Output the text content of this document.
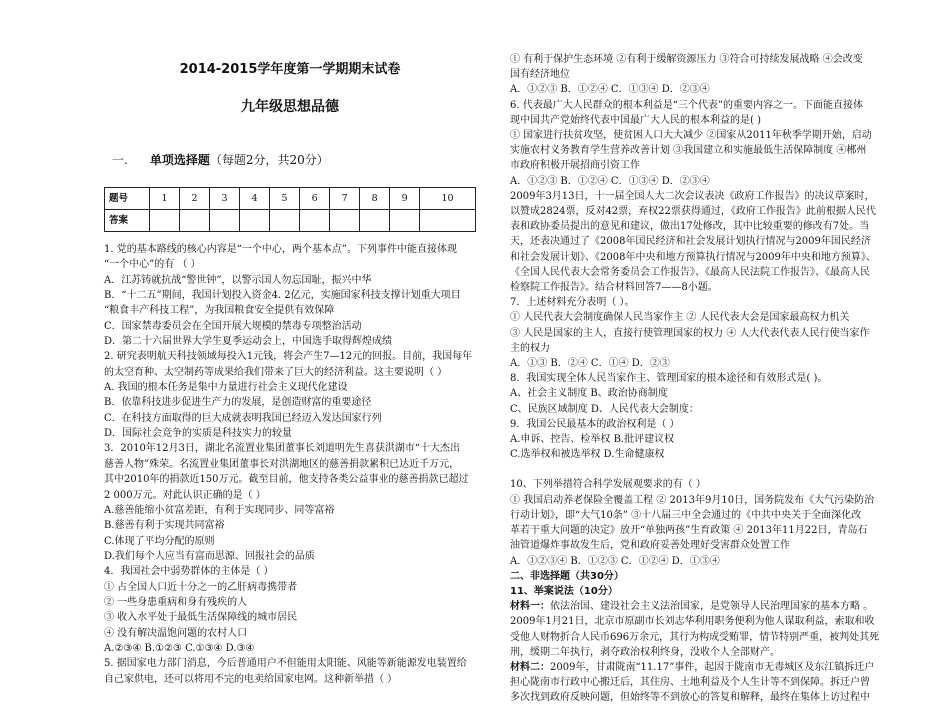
2014-2015学年度第一学期期末试卷
九年级思想品德
一. 单项选择题（每题2分，共20分）
题号	1	2	3	4	5	6	7	8	9	10
答案										

1. 党的基本路线的核心内容是“一个中心，两个基本点”。下列事件中能直接体现

“一个中心”的有 （ ）

A．江苏铸就抗战“警世钟”，以警示国人勿忘国耻，振兴中华

B．“十二五”期间，我国计划投入资金4. 2亿元，实施国家科技支撑计划重大项目

“粮食丰产科技工程”，为我国粮食安全提供有效保障

C．国家禁毒委员会在全国开展大规模的禁毒专项整治活动

D．第二十六届世界大学生夏季运动会上，中国选手取得辉煌成绩

2. 研究表明航天科技领域每投入1元钱，将会产生7—12元的回报。目前，我国每年

的太空育种、太空制药等成果给我们带来了巨大的经济利益。这主要说明（ ）

A. 我国的根本任务是集中力量进行社会主义现代化建设

B．依靠科技进步促进生产力的发展，是创造财富的重要途径

C．在科技方面取得的巨大成就表明我国已经迈入发达国家行列

D．国际社会竞争的实质是科技实力的较量

3．2010年12月3日，湖北名流置业集团董事长刘道明先生喜获洪湖市“十大杰出

慈善人物”殊荣。名流置业集团董事长对洪湖地区的慈善捐款累积已达近千万元，

其中2010年的捐款近150万元。截至目前，他支持各类公益事业的慈善捐款已超过

2 000万元。对此认识正确的是（ ）

A.慈善能缩小贫富差距，有利于实现同步、同等富裕

B.慈善有利于实现共同富裕

C.体现了平均分配的原则

D.我们每个人应当有富而思源、回报社会的品质

4．我国社会中弱势群体的主体是（ ）

① 占全国人口近十分之一的乙肝病毒携带者

② 一些身患重病和身有残疾的人

③ 收入水平处于最低生活保障线的城市居民

④ 没有解决温饱问题的农村人口

A.②③④ B.①②③ C.①③④ D.③④

5. 据国家电力部门消息，今后普通用户不但能用太阳能、风能等新能源发电装置给

自己家供电，还可以将用不完的电卖给国家电网。这种新举措（ ）

① 有利于保护生态环境 ②有利于缓解资源压力 ③符合可持续发展战略 ④会改变

国有经济地位

A．①②③ B．①②④ C．①③④ D．②③④

6. 代表最广大人民群众的根本利益是“三个代表”的重要内容之一。下面能直接体

现中国共产党始终代表中国最广大人民的根本利益的是( )

① 国家进行扶贫攻坚，使贫困人口大大减少 ②国家从2011年秋季学期开始，启动

实施农村义务教育学生营养改善计划 ③我国建立和实施最低生活保障制度 ④郴州

市政府积极开展招商引资工作

A．①②③ B．①②④ C．①③④ D．②③④

2009年3月13日，十一届全国人大二次会议表决《政府工作报告》的决议草案时，

以赞成2824票，反对42票，弃权22票获得通过，《政府工作报告》此前根据人民代

表和政协委员提出的意见和建议，做出17处修改，其中比较重要的修改有7处。当

天，还表决通过了《2008年国民经济和社会发展计划执行情况与2009年国民经济

和社会发展计划》、《2008年中央和地方预算执行情况与2009年中央和地方预算》、

《全国人民代表大会常务委员会工作报告》、《最高人民法院工作报告》、《最高人民

检察院工作报告》。结合材料回答7——8小题。

7．上述材料充分表明（ ）。

① 人民代表大会制度确保人民当家作主 ② 人民代表大会是国家最高权力机关

③ 人民是国家的主人，直接行使管理国家的权力 ④ 人大代表代表人民行使当家作

主的权力

A．①③ B．②④ C．①④ D．②③

8．我国实现全体人民当家作主、管理国家的根本途径和有效形式是( )。

A、社会主义制度 B、政治协商制度

C、民族区域制度 D、人民代表大会制度：

9．我国公民最基本的政治权利是（ ）

A.申诉、控告、检举权 B.批评建议权

C.选举权和被选举权 D.生命健康权

10、下列举措符合科学发展观要求的有（ ）

① 我国启动养老保险全覆盖工程 ② 2013年9月10日，国务院发布《大气污染防治

行动计划》，即“大气10条” ③十八届三中全会通过的《中共中央关于全面深化改

革若干重大问题的决定》放开“单独两孩”生育政策 ④ 2013年11月22日，青岛石

油管道爆炸事故发生后，党和政府妥善处理好受害群众处置工作

A．①②③④ B．①②③ C．①②④ D．①③④

二、非选择题（共30分）

11、举案说法（10分）

材料一：依法治国、建设社会主义法治国家，是党领导人民治理国家的基本方略 。

2009年1月21日，北京市原副市长刘志华利用职务便利为他人谋取利益，索取和收

受他人财物折合人民币696万余元，其行为构成受贿罪，情节特别严重，被判处其死

刑，缓期二年执行，剥夺政治权利终身，没收个人全部财产。

材料二：2009年，甘肃陇南“11.17”事件，起因于陇南市无毒城区及东江镇拆迁户

担心陇南市行政中心搬迁后，其住房、土地利益及个人生计等不到保障。拆迁户曾

多次找到政府反映问题，但始终等不到放心的答复和解释，最终在集体上访过程中
